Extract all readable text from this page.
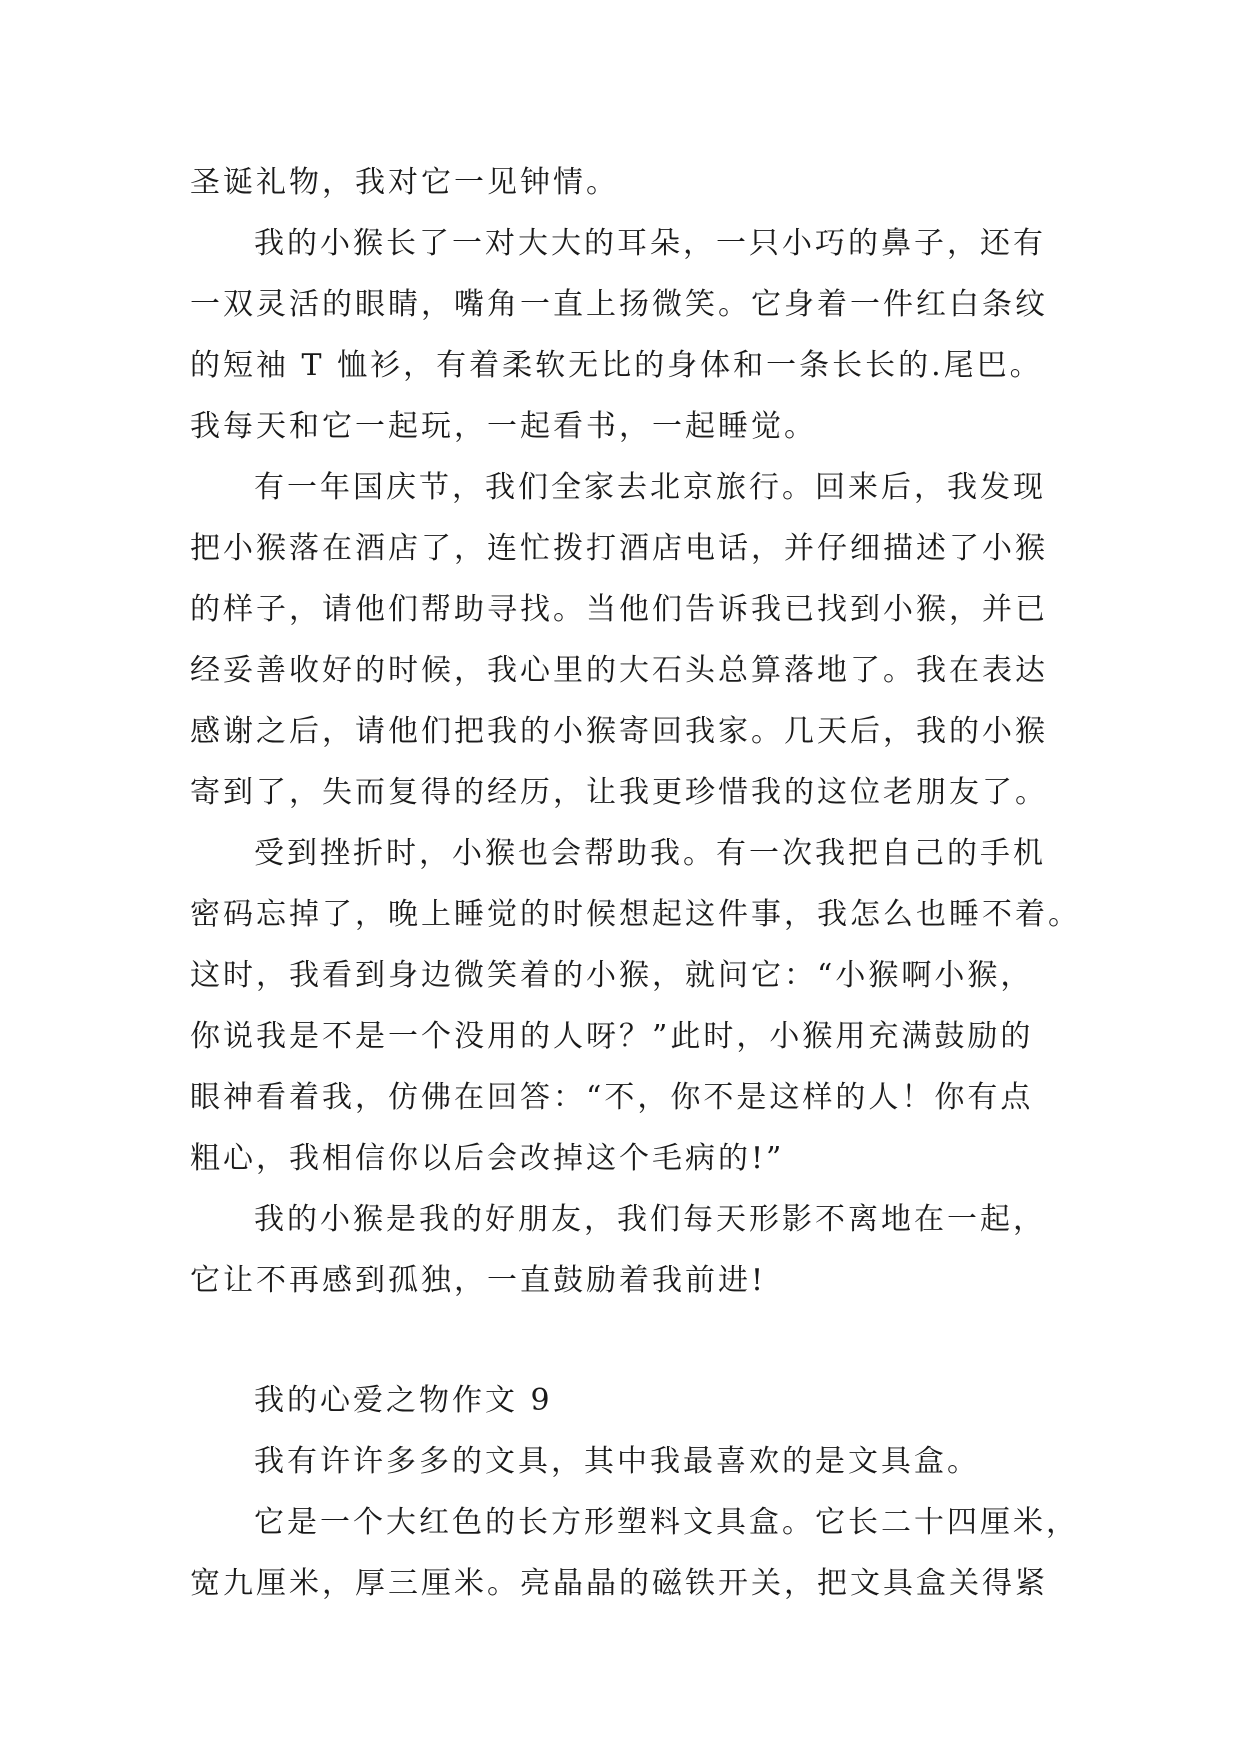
圣诞礼物，我对它一见钟情。
我的小猴长了一对大大的耳朵，一只小巧的鼻子，还有
一双灵活的眼睛，嘴角一直上扬微笑。它身着一件红白条纹
的短袖 T 恤衫，有着柔软无比的身体和一条长长的.尾巴。
我每天和它一起玩，一起看书，一起睡觉。
有一年国庆节，我们全家去北京旅行。回来后，我发现
把小猴落在酒店了，连忙拨打酒店电话，并仔细描述了小猴
的样子，请他们帮助寻找。当他们告诉我已找到小猴，并已
经妥善收好的时候，我心里的大石头总算落地了。我在表达
感谢之后，请他们把我的小猴寄回我家。几天后，我的小猴
寄到了，失而复得的经历，让我更珍惜我的这位老朋友了。
受到挫折时，小猴也会帮助我。有一次我把自己的手机
密码忘掉了，晚上睡觉的时候想起这件事，我怎么也睡不着。
这时，我看到身边微笑着的小猴，就问它：“小猴啊小猴，
你说我是不是一个没用的人呀？”此时，小猴用充满鼓励的
眼神看着我，仿佛在回答：“不，你不是这样的人！你有点
粗心，我相信你以后会改掉这个毛病的!”
我的小猴是我的好朋友，我们每天形影不离地在一起，
它让不再感到孤独，一直鼓励着我前进!
我的心爱之物作文 9
我有许许多多的文具，其中我最喜欢的是文具盒。
它是一个大红色的长方形塑料文具盒。它长二十四厘米，
宽九厘米，厚三厘米。亮晶晶的磁铁开关，把文具盒关得紧
